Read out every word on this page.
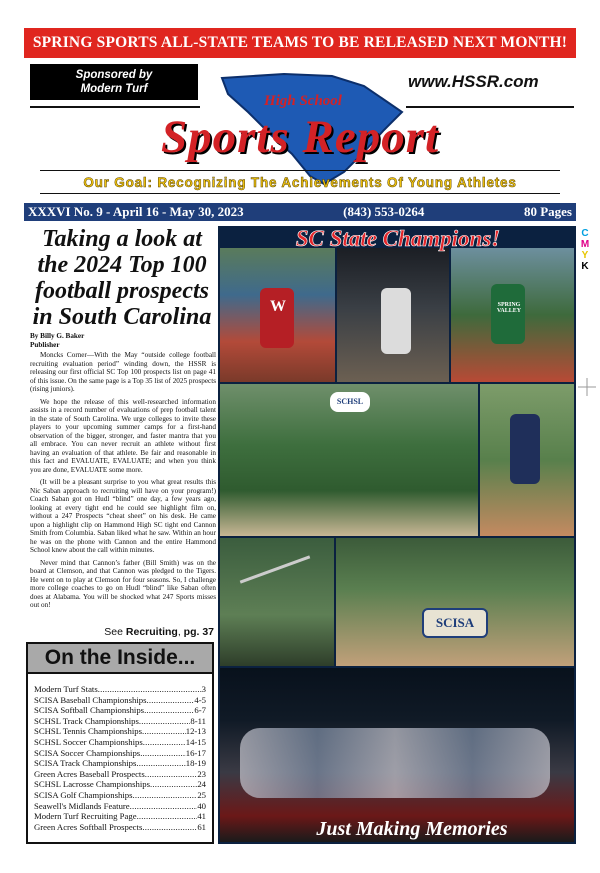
SPRING SPORTS ALL-STATE TEAMS TO BE RELEASED NEXT MONTH!
Sponsored by
Modern Turf	www.HSSR.com
High School
Sports Report
Our Goal: Recognizing The Achievements Of Young Athletes
XXXVI No. 9 - April 16 - May 30, 2023	(843) 553-0264	80 Pages
C
M
Y
K
Taking a look at the 2024 Top 100 football prospects in South Carolina
By Billy G. Baker
Publisher

Moncks Corner—With the May “outside college football recruiting evaluation period” winding down, the HSSR is releasing our first official SC Top 100 prospects list on page 41 of this issue. On the same page is a Top 35 list of 2025 prospects (rising juniors).

We hope the release of this well-researched information assists in a record number of evaluations of prep football talent in the state of South Carolina. We urge colleges to invite these players to your upcoming summer camps for a first-hand observation of the bigger, stronger, and faster mantra that you all embrace. You can never recruit an athlete without first having an evaluation of that athlete. Be fair and reasonable in this fact and EVALUATE, EVALUATE; and when you think you are done, EVALUATE some more.

(It will be a pleasant surprise to you what great results this Nic Saban approach to recruiting will have on your program!) Coach Saban got on Hudl “blind” one day, a few years ago, looking at every tight end he could see highlight film on, without a 247 Prospects “cheat sheet” on his desk. He came upon a highlight clip on Hammond High SC tight end Cannon Smith from Columbia. Saban liked what he saw. Within an hour he was on the phone with Cannon and the entire Hammond School knew about the call within minutes.

Never mind that Cannon’s father (Bill Smith) was on the board at Clemson, and that Cannon was pledged to the Tigers. He went on to play at Clemson for four seasons. So, I challenge more college coaches to go on Hudl “blind” like Saban often does at Alabama. You will be shocked what 247 Sports misses out on!

See Recruiting, pg. 37
On the Inside...
Modern Turf Stats .....	3
SCISA Baseball Championships .....	4-5
SCISA Softball Championships .....	6-7
SCHSL Track Championships .....	8-11
SCHSL Tennis Championships .....	12-13
SCHSL Soccer Championships .....	14-15
SCISA Soccer Championships .....	16-17
SCISA Track Championships .....	18-19
Green Acres Baseball Prospects .....	23
SCHSL Lacrosse Championships .....	24
SCISA Golf Championships .....	25
Seawell's Midlands Feature .....	40
Modern Turf Recruiting Page .....	41
Green Acres Softball Prospects .....	61
W	SPRING VALLEY
SCHSL
SCISA
SC State Champions!
Just Making Memories
